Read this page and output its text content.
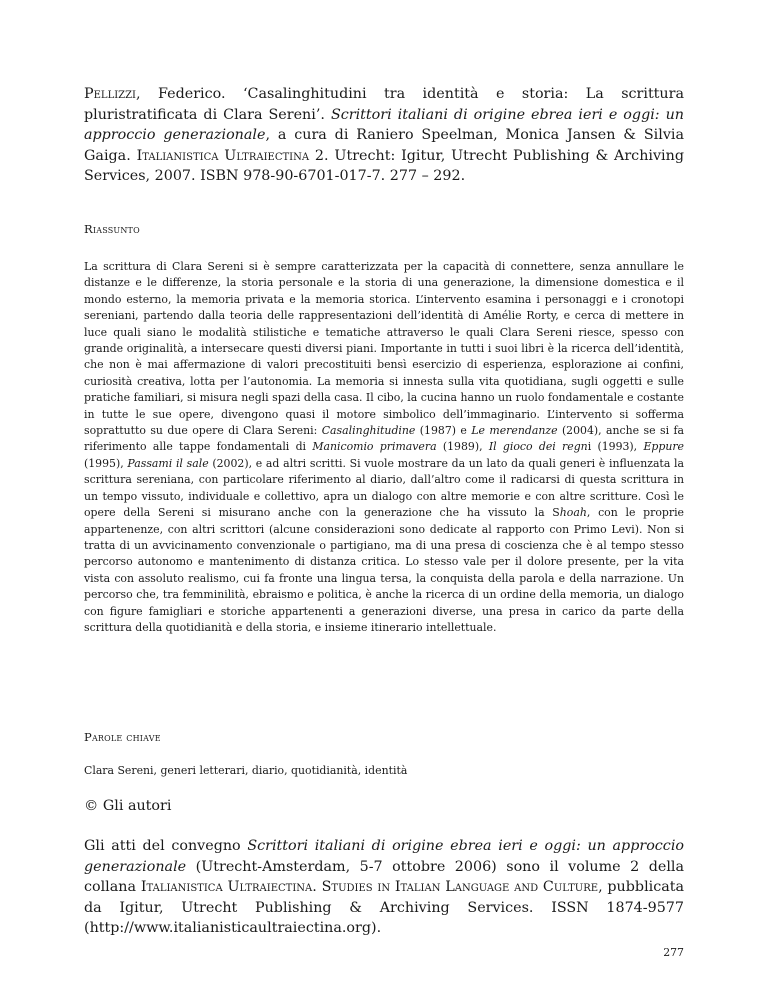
Pellizzi, Federico. ‘Casalinghitudini tra identità e storia: La scrittura pluristratificata di Clara Sereni’. Scrittori italiani di origine ebrea ieri e oggi: un approccio generazionale, a cura di Raniero Speelman, Monica Jansen & Silvia Gaiga. Italianistica Ultraiectina 2. Utrecht: Igitur, Utrecht Publishing & Archiving Services, 2007. ISBN 978-90-6701-017-7. 277 – 292.

Riassunto

La scrittura di Clara Sereni si è sempre caratterizzata per la capacità di connettere, senza annullare le distanze e le differenze, la storia personale e la storia di una generazione, la dimensione domestica e il mondo esterno, la memoria privata e la memoria storica. L’intervento esamina i personaggi e i cronotopi sereniani, partendo dalla teoria delle rappresentazioni dell’identità di Amélie Rorty, e cerca di mettere in luce quali siano le modalità stilistiche e tematiche attraverso le quali Clara Sereni riesce, spesso con grande originalità, a intersecare questi diversi piani. Importante in tutti i suoi libri è la ricerca dell’identità, che non è mai affermazione di valori precostituiti bensì esercizio di esperienza, esplorazione ai confini, curiosità creativa, lotta per l’autonomia. La memoria si innesta sulla vita quotidiana, sugli oggetti e sulle pratiche familiari, si misura negli spazi della casa. Il cibo, la cucina hanno un ruolo fondamentale e costante in tutte le sue opere, divengono quasi il motore simbolico dell’immaginario. L’intervento si sofferma soprattutto su due opere di Clara Sereni: Casalinghitudine (1987) e Le merendanze (2004), anche se si fa riferimento alle tappe fondamentali di Manicomio primavera (1989), Il gioco dei regni (1993), Eppure (1995), Passami il sale (2002), e ad altri scritti. Si vuole mostrare da un lato da quali generi è influenzata la scrittura sereniana, con particolare riferimento al diario, dall’altro come il radicarsi di questa scrittura in un tempo vissuto, individuale e collettivo, apra un dialogo con altre memorie e con altre scritture. Così le opere della Sereni si misurano anche con la generazione che ha vissuto la Shoah, con le proprie appartenenze, con altri scrittori (alcune considerazioni sono dedicate al rapporto con Primo Levi). Non si tratta di un avvicinamento convenzionale o partigiano, ma di una presa di coscienza che è al tempo stesso percorso autonomo e mantenimento di distanza critica. Lo stesso vale per il dolore presente, per la vita vista con assoluto realismo, cui fa fronte una lingua tersa, la conquista della parola e della narrazione. Un percorso che, tra femminilità, ebraismo e politica, è anche la ricerca di un ordine della memoria, un dialogo con figure famigliari e storiche appartenenti a generazioni diverse, una presa in carico da parte della scrittura della quotidianità e della storia, e insieme itinerario intellettuale.

Parole chiave
Clara Sereni, generi letterari, diario, quotidianità, identità
© Gli autori

Gli atti del convegno Scrittori italiani di origine ebrea ieri e oggi: un approccio generazionale (Utrecht-Amsterdam, 5-7 ottobre 2006) sono il volume 2 della collana Italianistica Ultraiectina. Studies in Italian Language and Culture, pubblicata da Igitur, Utrecht Publishing & Archiving Services. ISSN 1874-9577 (http://www.italianisticaultraiectina.org).

277
